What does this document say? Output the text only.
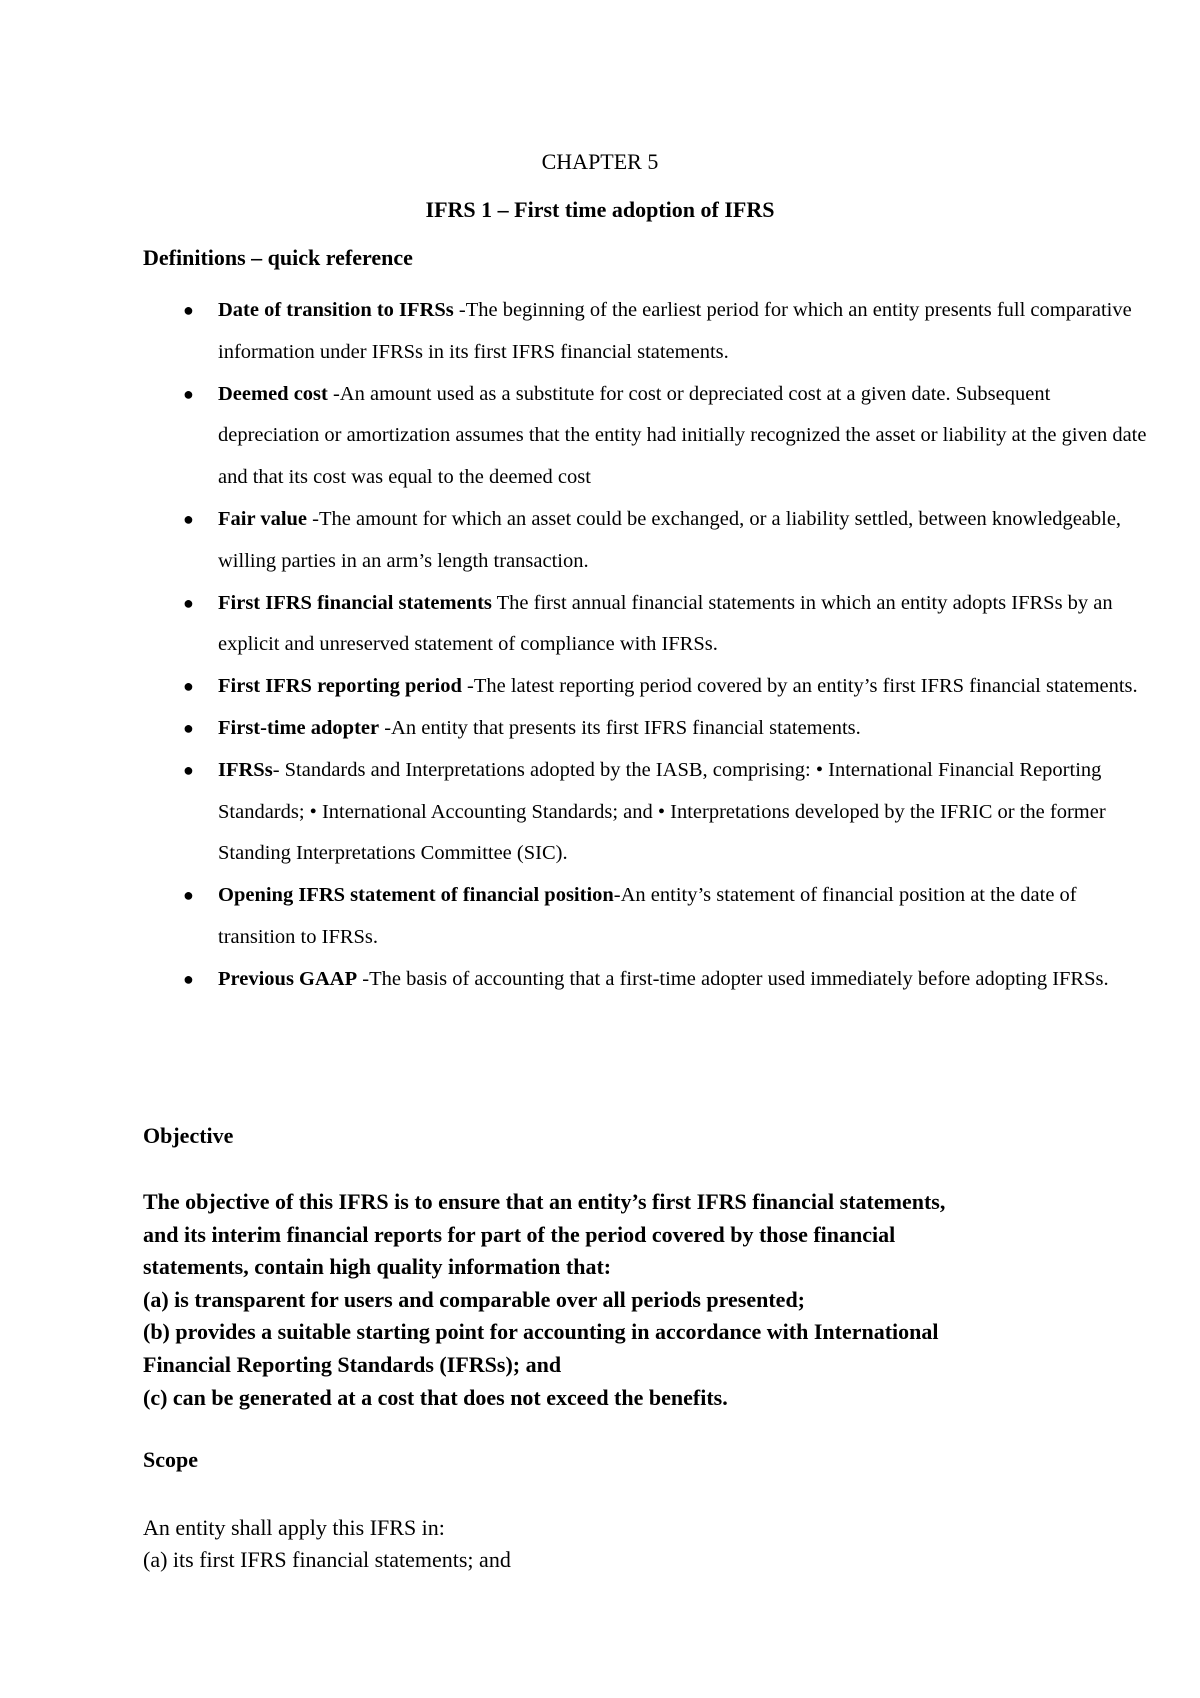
CHAPTER 5
IFRS 1 – First time adoption of IFRS
Definitions – quick reference
● Date of transition to IFRSs -The beginning of the earliest period for which an entity presents full comparative information under IFRSs in its first IFRS financial statements.
● Deemed cost -An amount used as a substitute for cost or depreciated cost at a given date. Subsequent depreciation or amortization assumes that the entity had initially recognized the asset or liability at the given date and that its cost was equal to the deemed cost
● Fair value -The amount for which an asset could be exchanged, or a liability settled, between knowledgeable, willing parties in an arm’s length transaction.
● First IFRS financial statements The first annual financial statements in which an entity adopts IFRSs by an explicit and unreserved statement of compliance with IFRSs.
● First IFRS reporting period -The latest reporting period covered by an entity’s first IFRS financial statements.
● First-time adopter -An entity that presents its first IFRS financial statements.
● IFRSs- Standards and Interpretations adopted by the IASB, comprising: • International Financial Reporting Standards; • International Accounting Standards; and • Interpretations developed by the IFRIC or the former Standing Interpretations Committee (SIC).
● Opening IFRS statement of financial position-An entity’s statement of financial position at the date of transition to IFRSs.
● Previous GAAP -The basis of accounting that a first-time adopter used immediately before adopting IFRSs.
Objective
The objective of this IFRS is to ensure that an entity’s first IFRS financial statements,
and its interim financial reports for part of the period covered by those financial
statements, contain high quality information that:
(a) is transparent for users and comparable over all periods presented;
(b) provides a suitable starting point for accounting in accordance with International
Financial Reporting Standards (IFRSs); and
(c) can be generated at a cost that does not exceed the benefits.
Scope
An entity shall apply this IFRS in:
(a) its first IFRS financial statements; and
